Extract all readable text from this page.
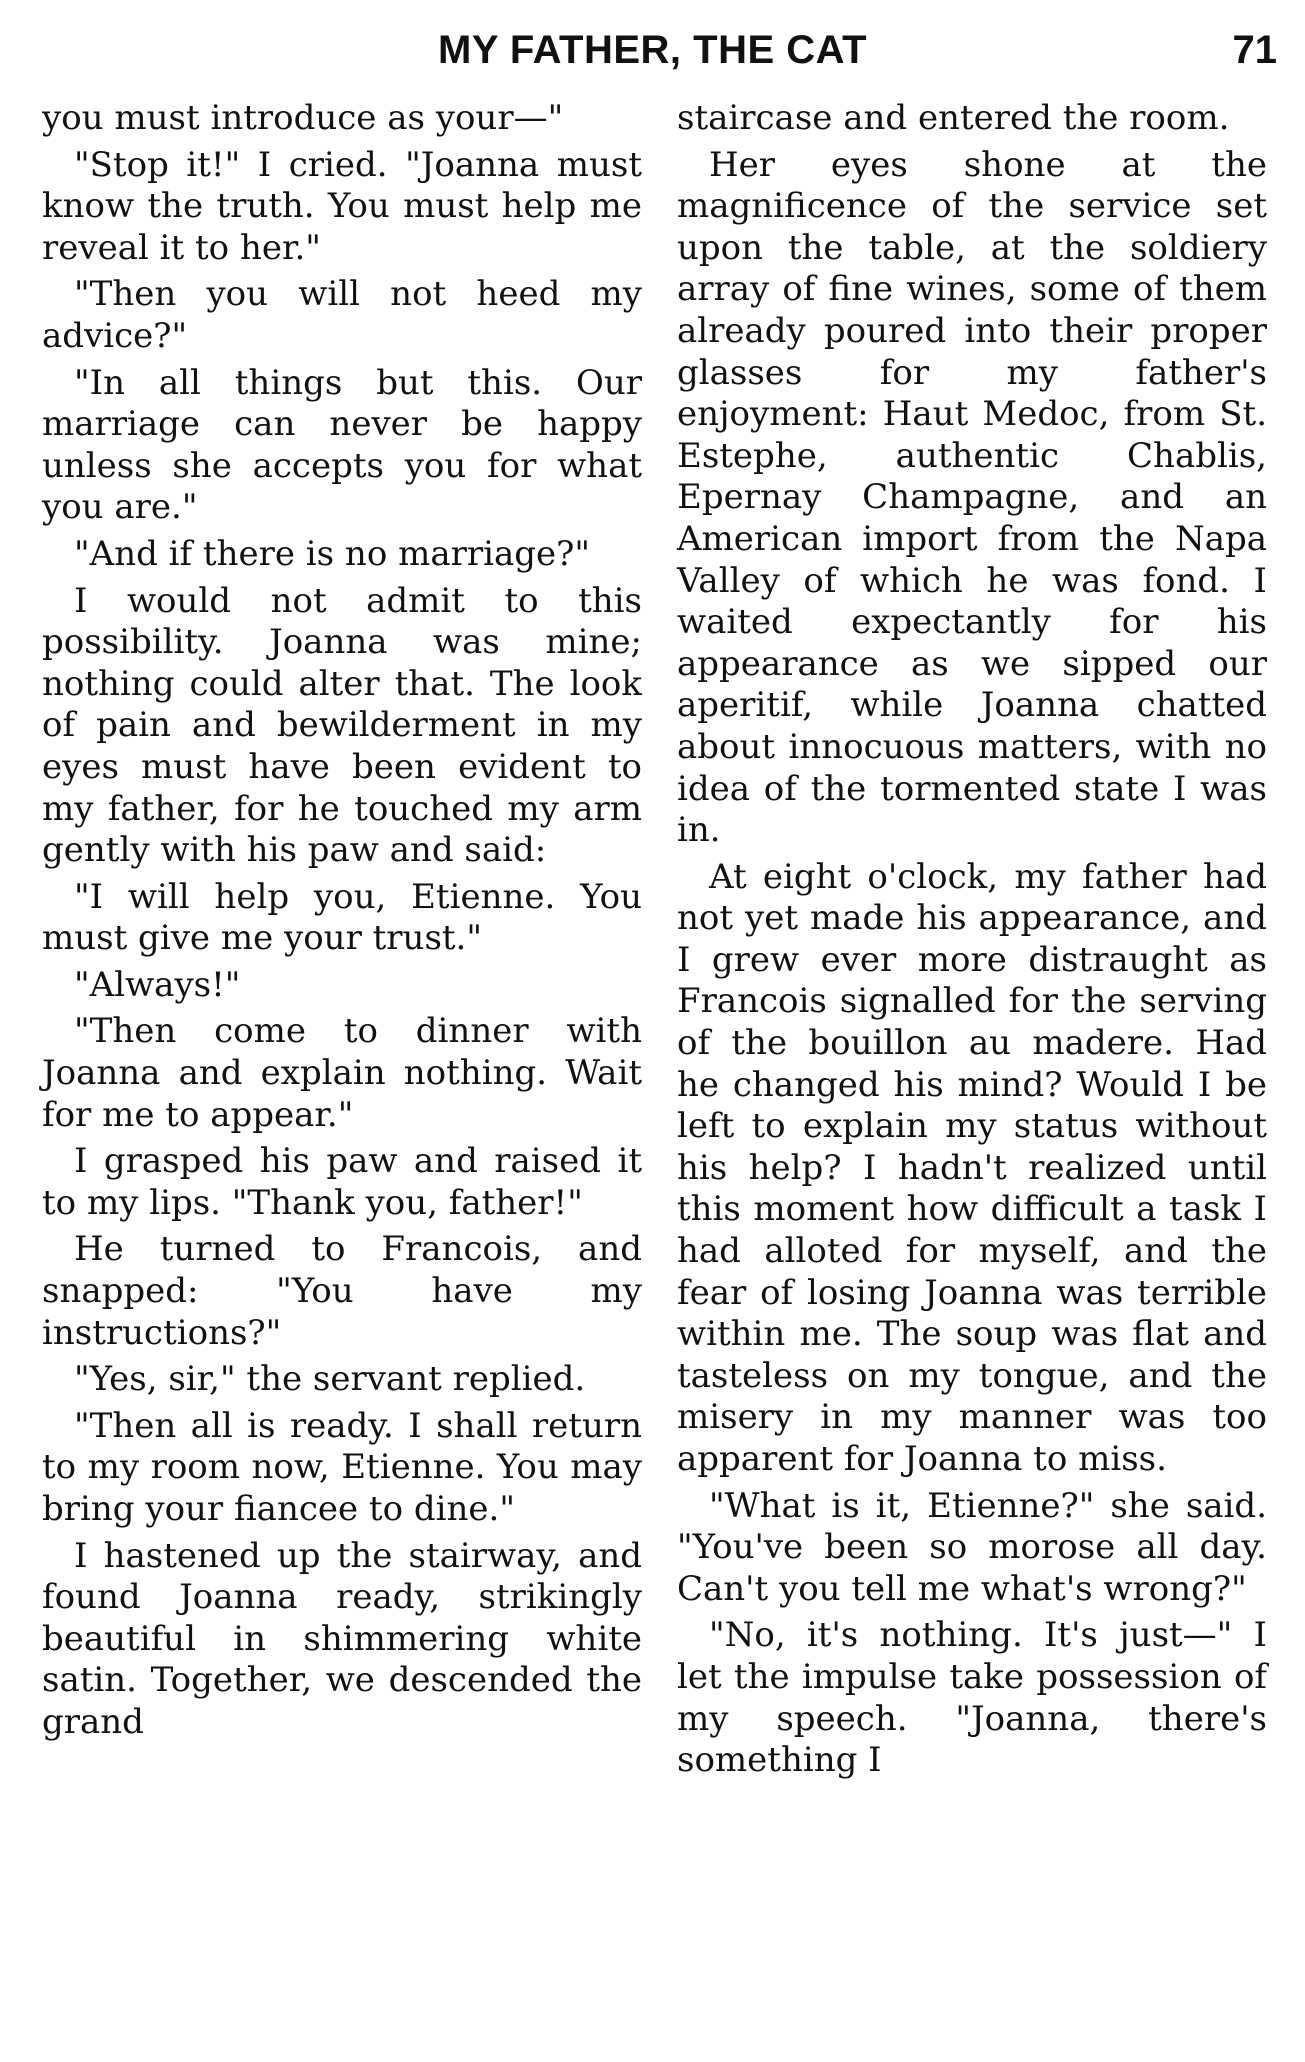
MY FATHER, THE CAT	71

you must introduce as your—"

"Stop it!" I cried. "Joanna must know the truth. You must help me reveal it to her."

"Then you will not heed my advice?"

"In all things but this. Our marriage can never be happy unless she accepts you for what you are."

"And if there is no marriage?"

I would not admit to this possibility. Joanna was mine; nothing could alter that. The look of pain and bewilderment in my eyes must have been evident to my father, for he touched my arm gently with his paw and said:

"I will help you, Etienne. You must give me your trust."

"Always!"

"Then come to dinner with Joanna and explain nothing. Wait for me to appear."

I grasped his paw and raised it to my lips. "Thank you, father!"

He turned to Francois, and snapped: "You have my instructions?"

"Yes, sir," the servant replied.

"Then all is ready. I shall return to my room now, Etienne. You may bring your fiancee to dine."

I hastened up the stairway, and found Joanna ready, strikingly beautiful in shimmering white satin. Together, we descended the grand

staircase and entered the room.

Her eyes shone at the magnificence of the service set upon the table, at the soldiery array of fine wines, some of them already poured into their proper glasses for my father's enjoyment: Haut Medoc, from St. Estephe, authentic Chablis, Epernay Champagne, and an American import from the Napa Valley of which he was fond. I waited expectantly for his appearance as we sipped our aperitif, while Joanna chatted about innocuous matters, with no idea of the tormented state I was in.

At eight o'clock, my father had not yet made his appearance, and I grew ever more distraught as Francois signalled for the serving of the bouillon au madere. Had he changed his mind? Would I be left to explain my status without his help? I hadn't realized until this moment how difficult a task I had alloted for myself, and the fear of losing Joanna was terrible within me. The soup was flat and tasteless on my tongue, and the misery in my manner was too apparent for Joanna to miss.

"What is it, Etienne?" she said. "You've been so morose all day. Can't you tell me what's wrong?"

"No, it's nothing. It's just—" I let the impulse take possession of my speech. "Joanna, there's something I
